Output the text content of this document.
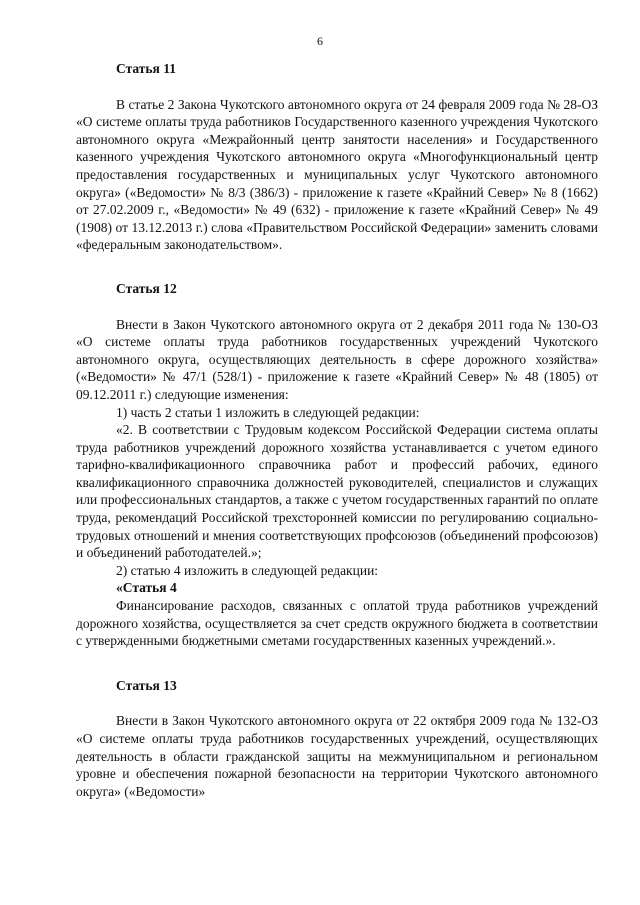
6

Статья 11

В статье 2 Закона Чукотского автономного округа от 24 февраля 2009 года № 28-ОЗ «О системе оплаты труда работников Государственного казенного учреждения Чукотского автономного округа «Межрайонный центр занятости населения» и Государственного казенного учреждения Чукотского автономного округа «Многофункциональный центр предоставления государственных и муниципальных услуг Чукотского автономного округа» («Ведомости» № 8/3 (386/3) - приложение к газете «Крайний Север» № 8 (1662) от 27.02.2009 г., «Ведомости» № 49 (632) - приложение к газете «Крайний Север» № 49 (1908) от 13.12.2013 г.) слова «Правительством Российской Федерации» заменить словами «федеральным законодательством».

Статья 12

Внести в Закон Чукотского автономного округа от 2 декабря 2011 года № 130-ОЗ «О системе оплаты труда работников государственных учреждений Чукотского автономного округа, осуществляющих деятельность в сфере дорожного хозяйства» («Ведомости» № 47/1 (528/1) - приложение к газете «Крайний Север» № 48 (1805) от 09.12.2011 г.) следующие изменения:

1) часть 2 статьи 1 изложить в следующей редакции:

«2. В соответствии с Трудовым кодексом Российской Федерации система оплаты труда работников учреждений дорожного хозяйства устанавливается с учетом единого тарифно-квалификационного справочника работ и профессий рабочих, единого квалификационного справочника должностей руководителей, специалистов и служащих или профессиональных стандартов, а также с учетом государственных гарантий по оплате труда, рекомендаций Российской трехсторонней комиссии по регулированию социально-трудовых отношений и мнения соответствующих профсоюзов (объединений профсоюзов) и объединений работодателей.»;

2) статью 4 изложить в следующей редакции:

«Статья 4

Финансирование расходов, связанных с оплатой труда работников учреждений дорожного хозяйства, осуществляется за счет средств окружного бюджета в соответствии с утвержденными бюджетными сметами государственных казенных учреждений.».

Статья 13

Внести в Закон Чукотского автономного округа от 22 октября 2009 года № 132-ОЗ «О системе оплаты труда работников государственных учреждений, осуществляющих деятельность в области гражданской защиты на межмуниципальном и региональном уровне и обеспечения пожарной безопасности на территории Чукотского автономного округа» («Ведомости»
